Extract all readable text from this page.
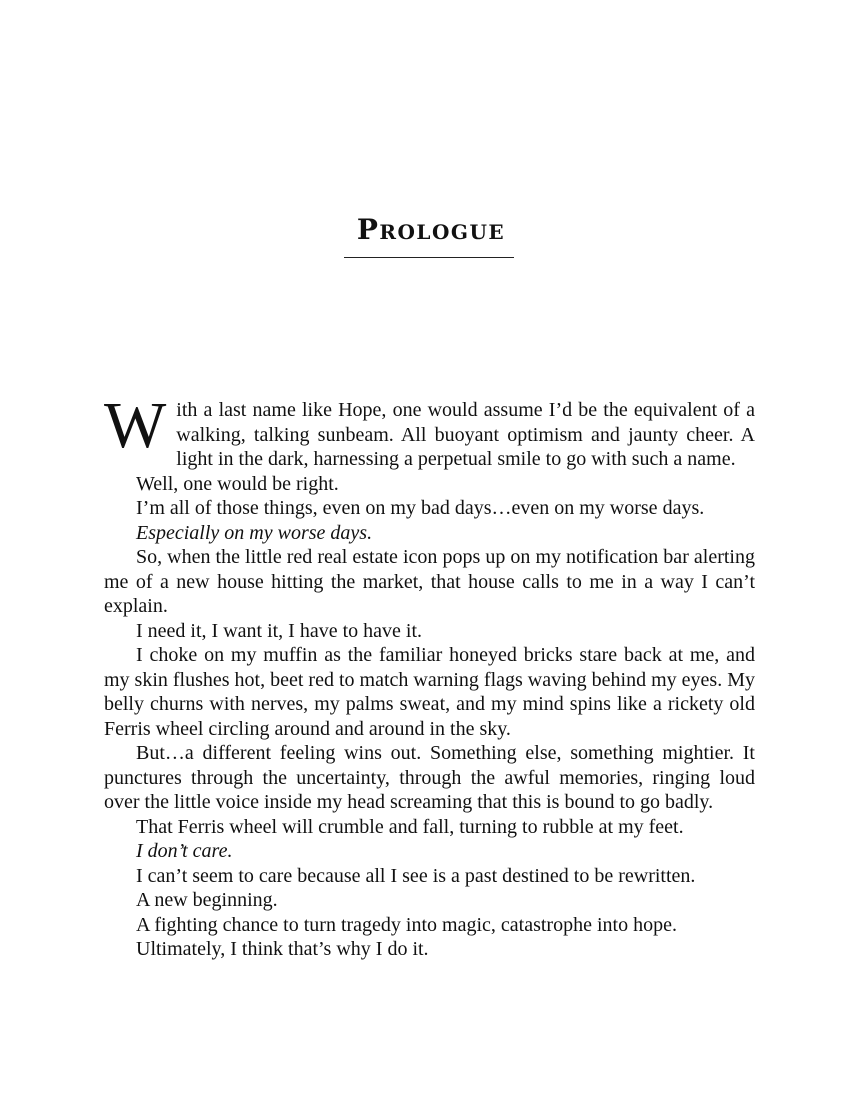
Prologue

With a last name like Hope, one would assume I’d be the equivalent of a walking, talking sunbeam. All buoyant optimism and jaunty cheer. A light in the dark, harnessing a perpetual smile to go with such a name.

Well, one would be right.

I’m all of those things, even on my bad days…even on my worse days.

Especially on my worse days.

So, when the little red real estate icon pops up on my notification bar alerting me of a new house hitting the market, that house calls to me in a way I can’t explain.

I need it, I want it, I have to have it.

I choke on my muffin as the familiar honeyed bricks stare back at me, and my skin flushes hot, beet red to match warning flags waving behind my eyes. My belly churns with nerves, my palms sweat, and my mind spins like a rickety old Ferris wheel circling around and around in the sky.

But…a different feeling wins out. Something else, something mightier. It punctures through the uncertainty, through the awful memories, ringing loud over the little voice inside my head screaming that this is bound to go badly.

That Ferris wheel will crumble and fall, turning to rubble at my feet.

I don’t care.

I can’t seem to care because all I see is a past destined to be rewritten.

A new beginning.

A fighting chance to turn tragedy into magic, catastrophe into hope.

Ultimately, I think that’s why I do it.
